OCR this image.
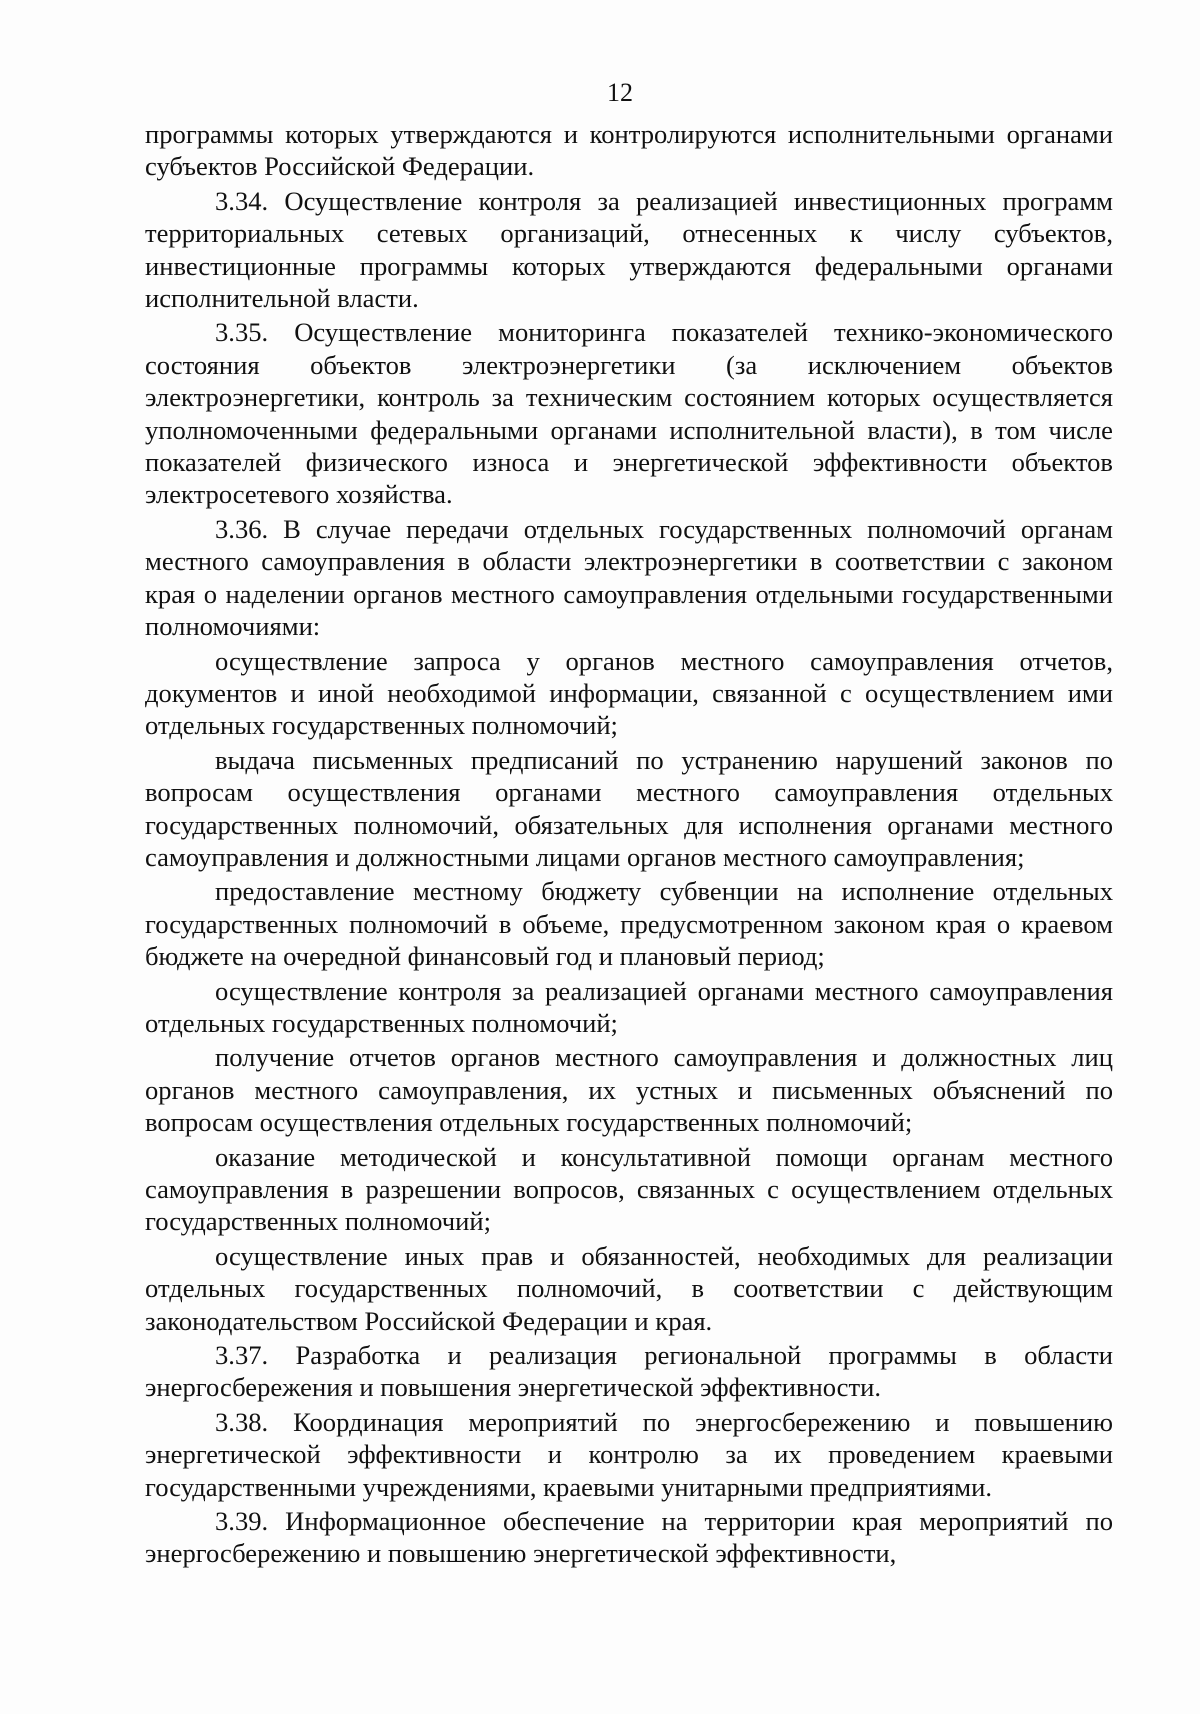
12

программы которых утверждаются и контролируются исполнительными органами субъектов Российской Федерации.

3.34. Осуществление контроля за реализацией инвестиционных программ территориальных сетевых организаций, отнесенных к числу субъектов, инвестиционные программы которых утверждаются федеральными органами исполнительной власти.

3.35. Осуществление мониторинга показателей технико-экономического состояния объектов электроэнергетики (за исключением объектов электроэнергетики, контроль за техническим состоянием которых осуществляется уполномоченными федеральными органами исполнительной власти), в том числе показателей физического износа и энергетической эффективности объектов электросетевого хозяйства.

3.36. В случае передачи отдельных государственных полномочий органам местного самоуправления в области электроэнергетики в соответствии с законом края о наделении органов местного самоуправления отдельными государственными полномочиями:

осуществление запроса у органов местного самоуправления отчетов, документов и иной необходимой информации, связанной с осуществлением ими отдельных государственных полномочий;

выдача письменных предписаний по устранению нарушений законов по вопросам осуществления органами местного самоуправления отдельных государственных полномочий, обязательных для исполнения органами местного самоуправления и должностными лицами органов местного самоуправления;

предоставление местному бюджету субвенции на исполнение отдельных государственных полномочий в объеме, предусмотренном законом края о краевом бюджете на очередной финансовый год и плановый период;

осуществление контроля за реализацией органами местного самоуправления отдельных государственных полномочий;

получение отчетов органов местного самоуправления и должностных лиц органов местного самоуправления, их устных и письменных объяснений по вопросам осуществления отдельных государственных полномочий;

оказание методической и консультативной помощи органам местного самоуправления в разрешении вопросов, связанных с осуществлением отдельных государственных полномочий;

осуществление иных прав и обязанностей, необходимых для реализации отдельных государственных полномочий, в соответствии с действующим законодательством Российской Федерации и края.

3.37. Разработка и реализация региональной программы в области энергосбережения и повышения энергетической эффективности.

3.38. Координация мероприятий по энергосбережению и повышению энергетической эффективности и контролю за их проведением краевыми государственными учреждениями, краевыми унитарными предприятиями.

3.39. Информационное обеспечение на территории края мероприятий по энергосбережению и повышению энергетической эффективности,
